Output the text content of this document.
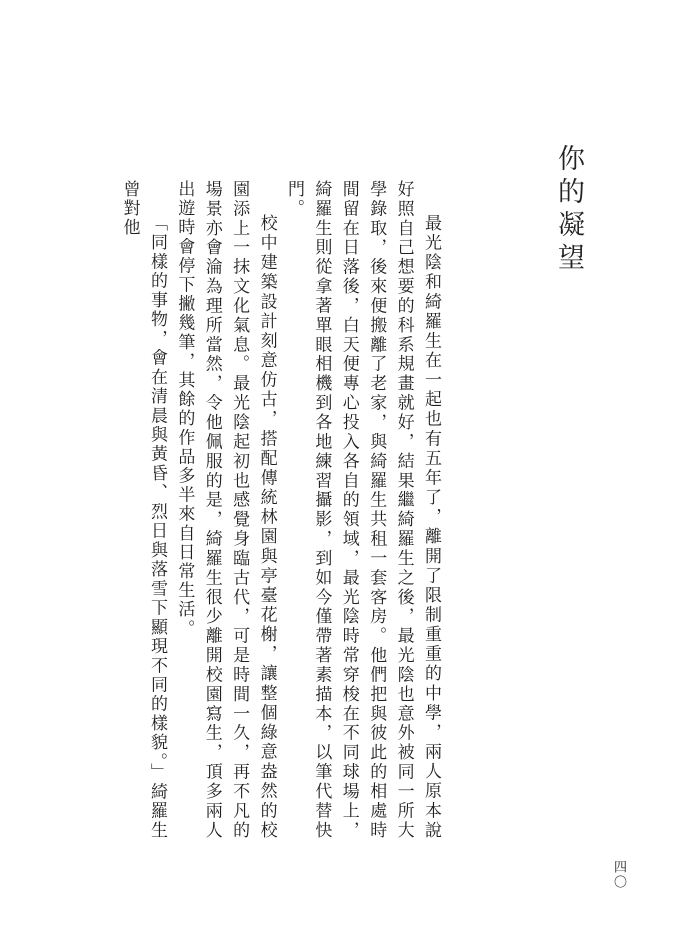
你的凝望

最光陰和綺羅生在一起也有五年了，離開了限制重重的中學，兩人原本說好照自己想要的科系規畫就好，結果繼綺羅生之後，最光陰也意外被同一所大學錄取，後來便搬離了老家，與綺羅生共租一套客房。他們把與彼此的相處時間留在日落後，白天便專心投入各自的領域，最光陰時常穿梭在不同球場上，綺羅生則從拿著單眼相機到各地練習攝影，到如今僅帶著素描本，以筆代替快門。

校中建築設計刻意仿古，搭配傳統林園與亭臺花榭，讓整個綠意盎然的校園添上一抹文化氣息。最光陰起初也感覺身臨古代，可是時間一久，再不凡的場景亦會淪為理所當然，令他佩服的是，綺羅生很少離開校園寫生，頂多兩人出遊時會停下撇幾筆，其餘的作品多半來自日常生活。

「同樣的事物，會在清晨與黃昏、烈日與落雪下顯現不同的樣貌。」綺羅生曾對他

四〇
